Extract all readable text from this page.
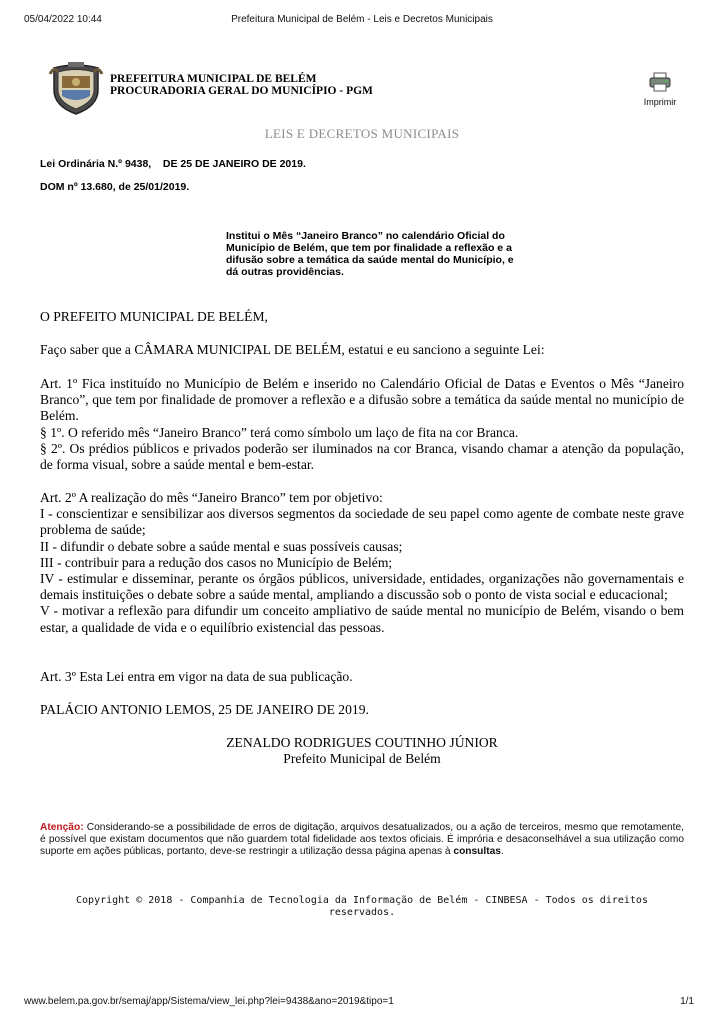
05/04/2022 10:44	Prefeitura Municipal de Belém - Leis e Decretos Municipais
PREFEITURA MUNICIPAL DE BELÉM
PROCURADORIA GERAL DO MUNICÍPIO - PGM
Imprimir
LEIS E DECRETOS MUNICIPAIS
Lei Ordinária N.º 9438,    DE 25 DE JANEIRO DE 2019.
DOM nº 13.680, de 25/01/2019.
Institui o Mês “Janeiro Branco” no calendário Oficial do Município de Belém, que tem por finalidade a reflexão e a difusão sobre a temática da saúde mental do Município, e dá outras providências.
O PREFEITO MUNICIPAL DE BELÉM,
Faço saber que a CÂMARA MUNICIPAL DE BELÉM, estatui e eu sanciono a seguinte Lei:
Art. 1º Fica instituído no Município de Belém e inserido no Calendário Oficial de Datas e Eventos o Mês “Janeiro Branco”, que tem por finalidade de promover a reflexão e a difusão sobre a temática da saúde mental no município de Belém.
§ 1º. O referido mês “Janeiro Branco” terá como símbolo um laço de fita na cor Branca.
§ 2º. Os prédios públicos e privados poderão ser iluminados na cor Branca, visando chamar a atenção da população, de forma visual, sobre a saúde mental e bem-estar.
Art. 2º A realização do mês “Janeiro Branco” tem por objetivo:
I - conscientizar e sensibilizar aos diversos segmentos da sociedade de seu papel como agente de combate neste grave problema de saúde;
II - difundir o debate sobre a saúde mental e suas possíveis causas;
III - contribuir para a redução dos casos no Município de Belém;
IV - estimular e disseminar, perante os órgãos públicos, universidade, entidades, organizações não governamentais e demais instituições o debate sobre a saúde mental, ampliando a discussão sob o ponto de vista social e educacional;
V - motivar a reflexão para difundir um conceito ampliativo de saúde mental no município de Belém, visando o bem estar, a qualidade de vida e o equilíbrio existencial das pessoas.
Art. 3º Esta Lei entra em vigor na data de sua publicação.
PALÁCIO ANTONIO LEMOS, 25 DE JANEIRO DE 2019.
ZENALDO RODRIGUES COUTINHO JÚNIOR
Prefeito Municipal de Belém
Atenção: Considerando-se a possibilidade de erros de digitação, arquivos desatualizados, ou a ação de terceiros, mesmo que remotamente, é possível que existam documentos que não guardem total fidelidade aos textos oficiais. É imprória e desaconselhável a sua utilização como suporte em ações públicas, portanto, deve-se restringir a utilização dessa página apenas à consultas.
Copyright © 2018 - Companhia de Tecnologia da Informação de Belém - CINBESA - Todos os direitos reservados.
www.belem.pa.gov.br/semaj/app/Sistema/view_lei.php?lei=9438&ano=2019&tipo=1	1/1
